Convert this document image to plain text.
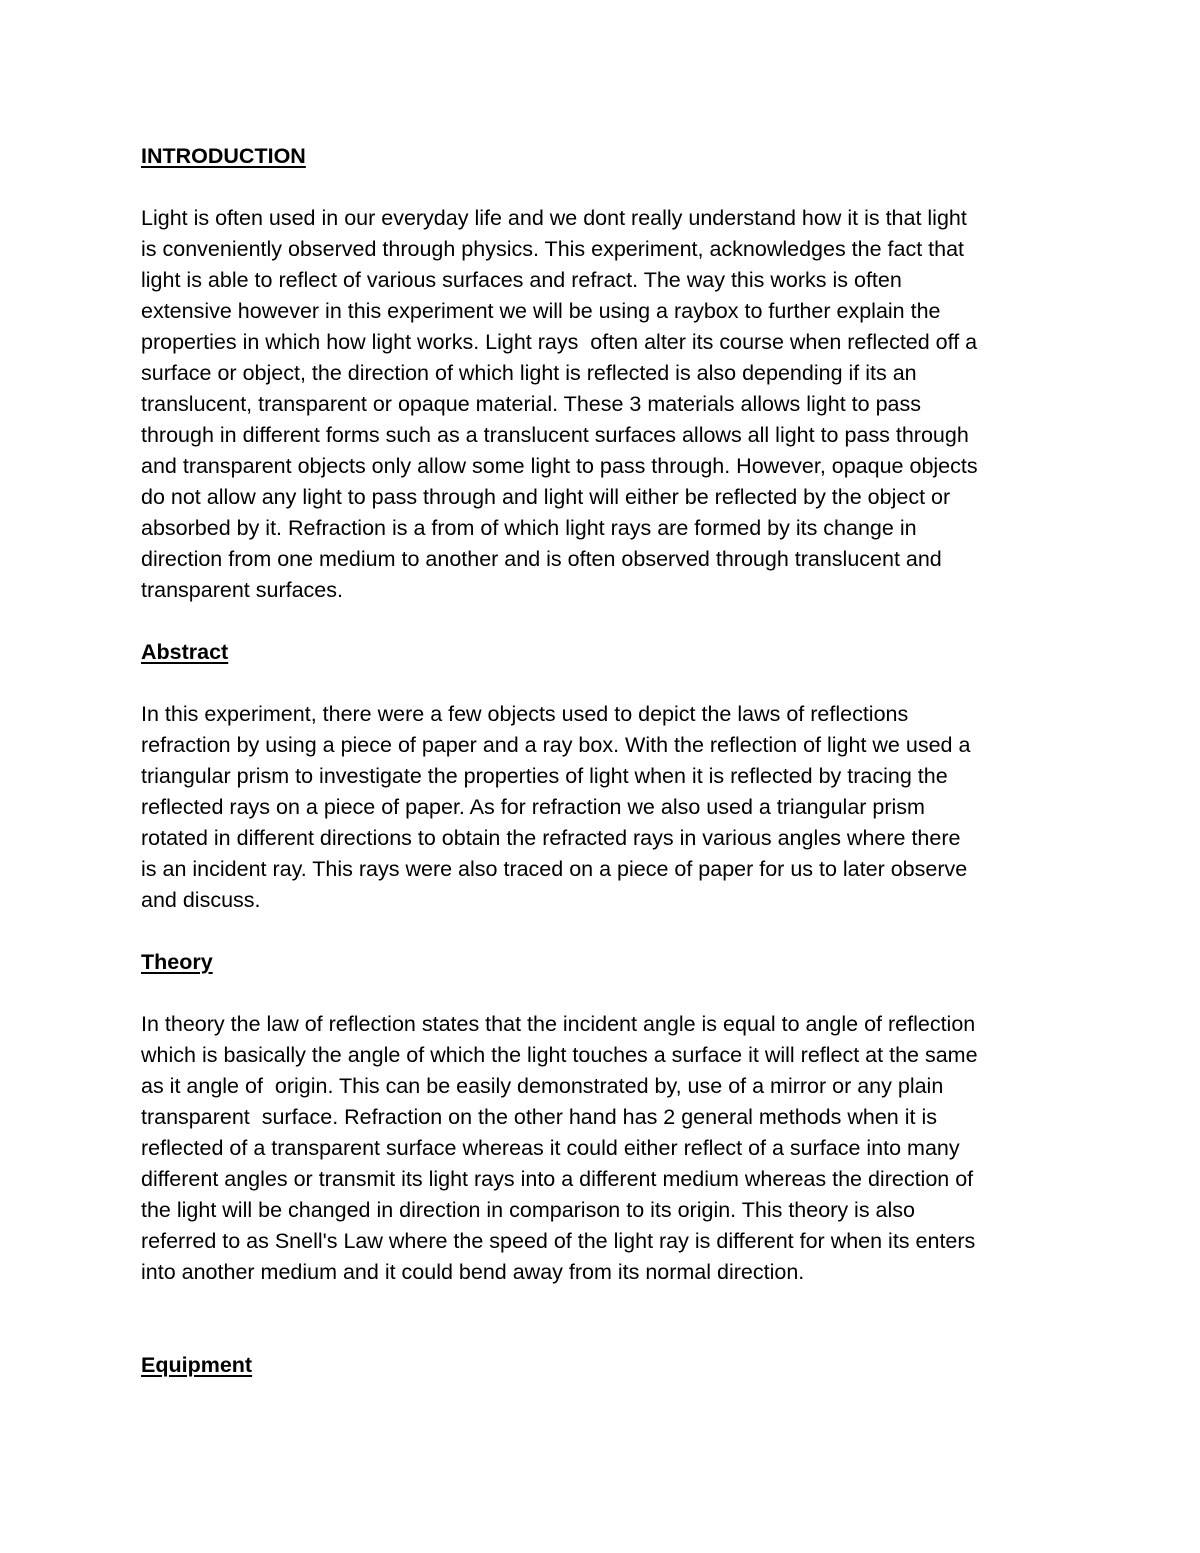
INTRODUCTION

Light is often used in our everyday life and we dont really understand how it is that light

is conveniently observed through physics. This experiment, acknowledges the fact that

light is able to reflect of various surfaces and refract. The way this works is often

extensive however in this experiment we will be using a raybox to further explain the

properties in which how light works. Light rays  often alter its course when reflected off a

surface or object, the direction of which light is reflected is also depending if its an

translucent, transparent or opaque material. These 3 materials allows light to pass

through in different forms such as a translucent surfaces allows all light to pass through

and transparent objects only allow some light to pass through. However, opaque objects

do not allow any light to pass through and light will either be reflected by the object or

absorbed by it. Refraction is a from of which light rays are formed by its change in

direction from one medium to another and is often observed through translucent and

transparent surfaces.

Abstract

In this experiment, there were a few objects used to depict the laws of reflections

refraction by using a piece of paper and a ray box. With the reflection of light we used a

triangular prism to investigate the properties of light when it is reflected by tracing the

reflected rays on a piece of paper. As for refraction we also used a triangular prism

rotated in different directions to obtain the refracted rays in various angles where there

is an incident ray. This rays were also traced on a piece of paper for us to later observe

and discuss.

Theory

In theory the law of reflection states that the incident angle is equal to angle of reflection

which is basically the angle of which the light touches a surface it will reflect at the same

as it angle of  origin. This can be easily demonstrated by, use of a mirror or any plain

transparent  surface. Refraction on the other hand has 2 general methods when it is

reflected of a transparent surface whereas it could either reflect of a surface into many

different angles or transmit its light rays into a different medium whereas the direction of

the light will be changed in direction in comparison to its origin. This theory is also

referred to as Snell's Law where the speed of the light ray is different for when its enters

into another medium and it could bend away from its normal direction.

Equipment
